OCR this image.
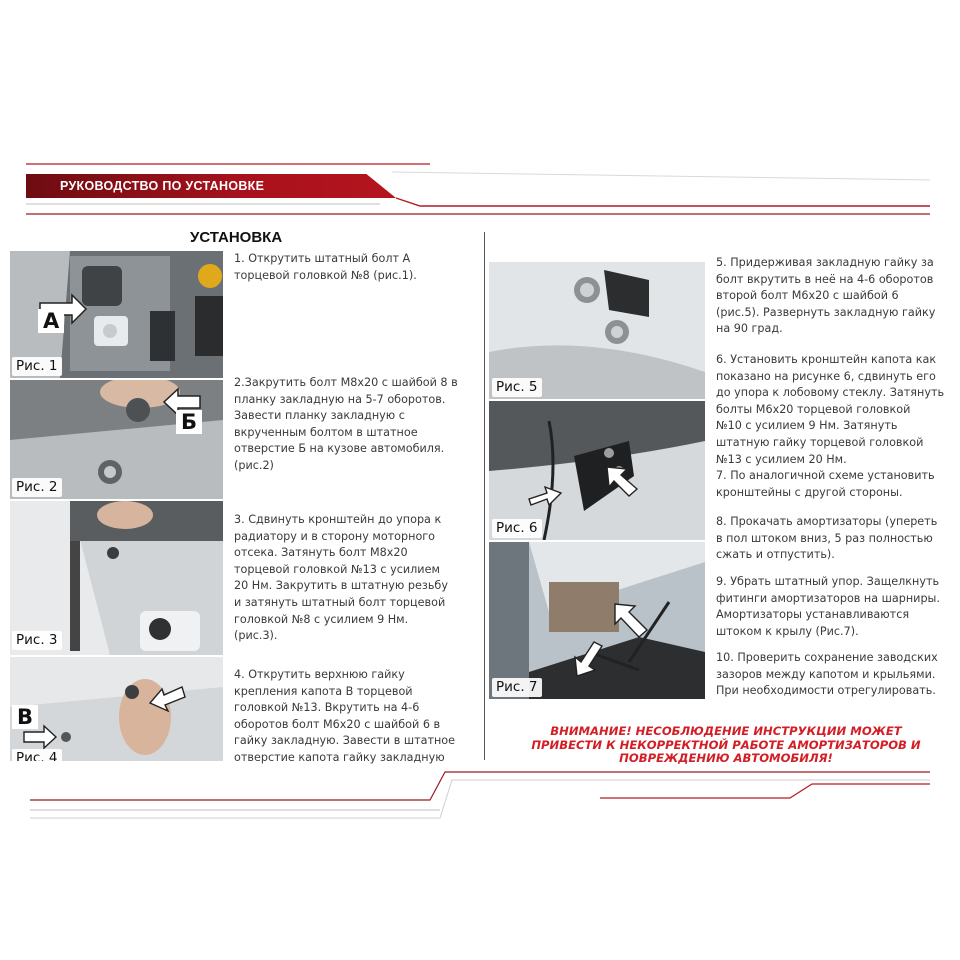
РУКОВОДСТВО ПО УСТАНОВКЕ
УСТАНОВКА
A
Рис. 1
Б
Рис. 2
Рис. 3
B
Рис. 4
Рис. 5
Рис. 6
Рис. 7
1. Открутить штатный болт А
торцевой головкой №8 (рис.1).
2.Закрутить болт М8х20 с шайбой 8 в
планку закладную на 5-7 оборотов.
Завести планку закладную с
вкрученным болтом в штатное
отверстие Б на кузове автомобиля.
(рис.2)
3. Сдвинуть кронштейн до упора к
радиатору и в сторону моторного
отсека. Затянуть болт М8х20
торцевой головкой №13 с усилием
20 Нм. Закрутить в штатную резьбу
и затянуть штатный болт торцевой
головкой №8 с усилием 9 Нм.
(рис.3).
4. Открутить верхнюю гайку
крепления капота В торцевой
головкой №13. Вкрутить на 4-6
оборотов болт М6х20 с шайбой 6 в
гайку закладную. Завести в штатное
отверстие капота гайку закладную
5. Придерживая закладную гайку за
болт вкрутить в неё на 4-6 оборотов
второй болт М6х20 с шайбой 6
(рис.5). Развернуть закладную гайку
на 90 град.
6. Установить кронштейн капота как
показано на рисунке 6, сдвинуть его
до упора к лобовому стеклу. Затянуть
болты М6х20 торцевой головкой
№10 с усилием 9 Нм. Затянуть
штатную гайку торцевой головкой
№13 с усилием 20 Нм.
7. По аналогичной схеме установить
кронштейны с другой стороны.
8. Прокачать амортизаторы (упереть
в пол штоком вниз, 5 раз полностью
сжать и отпустить).
9. Убрать штатный упор. Защелкнуть
фитинги амортизаторов на шарниры.
Амортизаторы устанавливаются
штоком к крылу (Рис.7).
10. Проверить сохранение заводских
зазоров между капотом и крыльями.
При необходимости отрегулировать.
ВНИМАНИЕ! НЕСОБЛЮДЕНИЕ ИНСТРУКЦИИ МОЖЕТ ПРИВЕСТИ К НЕКОРРЕКТНОЙ РАБОТЕ АМОРТИЗАТОРОВ И ПОВРЕЖДЕНИЮ АВТОМОБИЛЯ!
